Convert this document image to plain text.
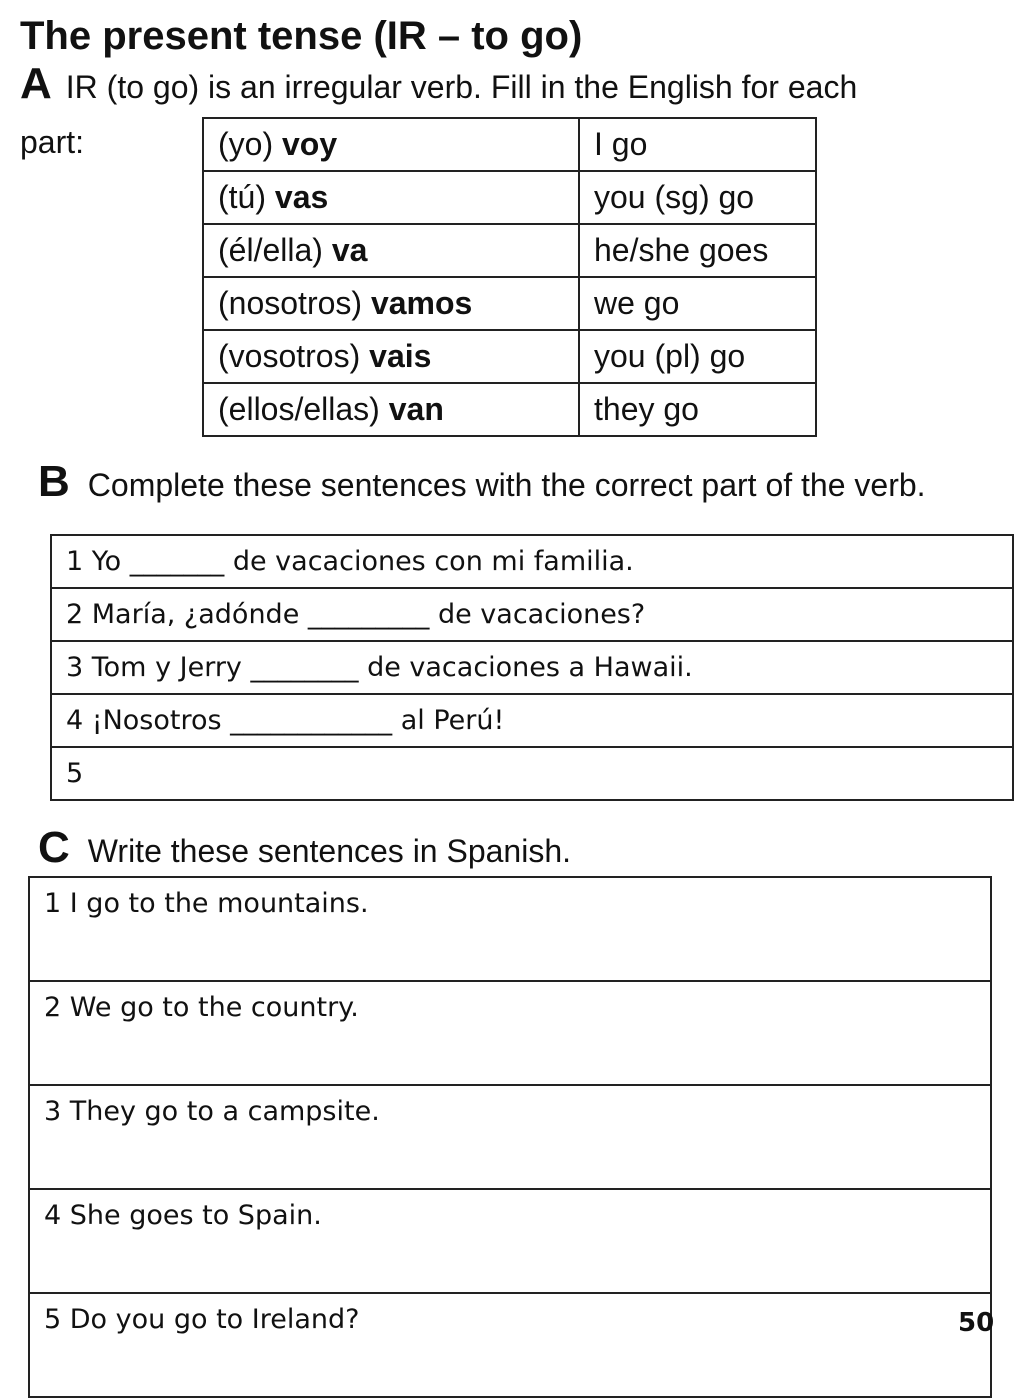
The present tense (IR – to go)
A IR (to go) is an irregular verb. Fill in the English for each
part:	(yo) voy	I go
(tú) vas	you (sg) go
(él/ella) va	he/she goes
(nosotros) vamos	we go
(vosotros) vais	you (pl) go
(ellos/ellas) van	they go
B Complete these sentences with the correct part of the verb.
1 Yo _______ de vacaciones con mi familia.
2 María, ¿adónde _________ de vacaciones?
3 Tom y Jerry ________ de vacaciones a Hawaii.
4 ¡Nosotros ____________ al Perú!
5
C Write these sentences in Spanish.
1 I go to the mountains.
2 We go to the country.
3 They go to a campsite.
4 She goes to Spain.
5 Do you go to Ireland?	50
